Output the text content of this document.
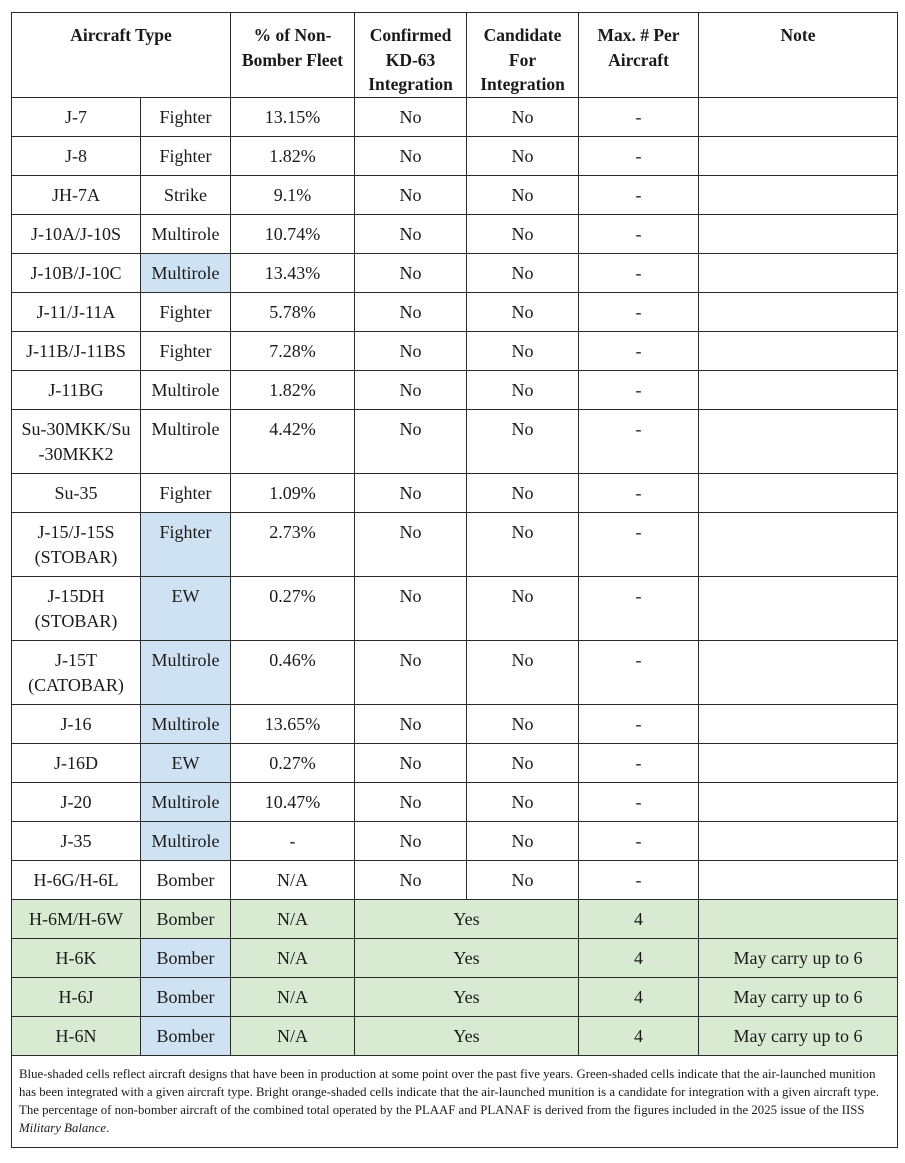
Aircraft Type		% of Non-Bomber Fleet	Confirmed KD-63 Integration	Candidate For Integration	Max. # Per Aircraft	Note
J-7	Fighter	13.15%	No	No	-	
J-8	Fighter	1.82%	No	No	-	
JH-7A	Strike	9.1%	No	No	-	
J-10A/J-10S	Multirole	10.74%	No	No	-	
J-10B/J-10C	Multirole	13.43%	No	No	-	
J-11/J-11A	Fighter	5.78%	No	No	-	
J-11B/J-11BS	Fighter	7.28%	No	No	-	
J-11BG	Multirole	1.82%	No	No	-	
Su-30MKK/Su
-30MKK2	Multirole	4.42%	No	No	-	
Su-35	Fighter	1.09%	No	No	-	
J-15/J-15S
(STOBAR)	Fighter	2.73%	No	No	-	
J-15DH
(STOBAR)	EW	0.27%	No	No	-	
J-15T
(CATOBAR)	Multirole	0.46%	No	No	-	
J-16	Multirole	13.65%	No	No	-	
J-16D	EW	0.27%	No	No	-	
J-20	Multirole	10.47%	No	No	-	
J-35	Multirole	-	No	No	-	
H-6G/H-6L	Bomber	N/A	No	No	-	
H-6M/H-6W	Bomber	N/A	Yes		4	
H-6K	Bomber	N/A	Yes		4	May carry up to 6
H-6J	Bomber	N/A	Yes		4	May carry up to 6
H-6N	Bomber	N/A	Yes		4	May carry up to 6
Blue-shaded cells reflect aircraft designs that have been in production at some point over the past five years. Green-shaded cells indicate that the air-launched munition has been integrated with a given aircraft type. Bright orange-shaded cells indicate that the air-launched munition is a candidate for integration with a given aircraft type. The percentage of non-bomber aircraft of the combined total operated by the PLAAF and PLANAF is derived from the figures included in the 2025 issue of the IISS Military Balance.						
